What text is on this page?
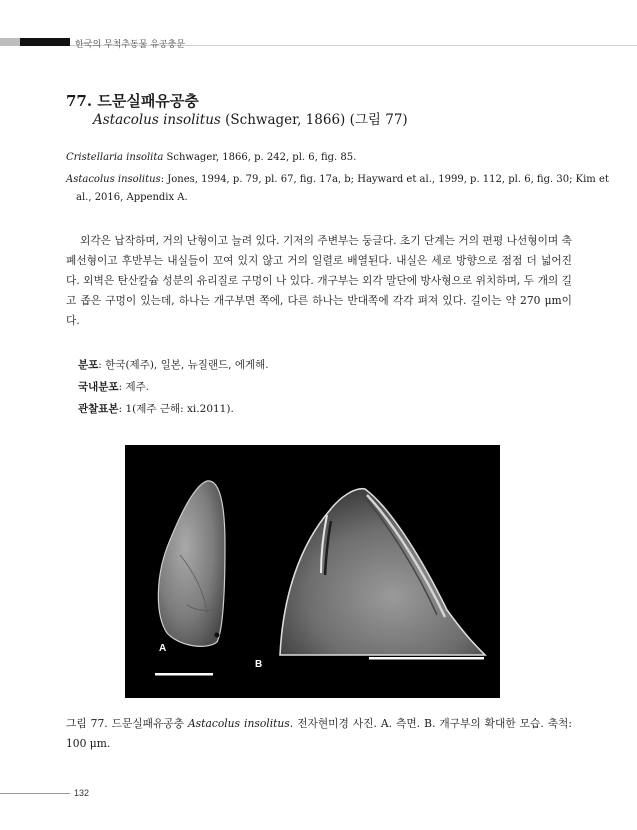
한국의 무척추동물 유공충문
77. 드문실패유공충
Astacolus insolitus (Schwager, 1866) (그림 77)
Cristellaria insolita Schwager, 1866, p. 242, pl. 6, fig. 85.
Astacolus insolitus: Jones, 1994, p. 79, pl. 67, fig. 17a, b; Hayward et al., 1999, p. 112, pl. 6, fig. 30; Kim et
al., 2016, Appendix A.

외각은 납작하며, 거의 난형이고 늘려 있다. 기저의 주변부는 둥글다. 초기 단계는 거의 편평 나선형이며 축폐선형이고 후반부는 내실들이 꼬여 있지 않고 거의 일렬로 배열된다. 내실은 세로 방향으로 점점 더 넓어진다. 외벽은 탄산칼슘 성분의 유리질로 구멍이 나 있다. 개구부는 외각 말단에 방사형으로 위치하며, 두 개의 길고 좁은 구멍이 있는데, 하나는 개구부면 쪽에, 다른 하나는 반대쪽에 각각 펴져 있다. 길이는 약 270 μm이다.

분포: 한국(제주), 일본, 뉴질랜드, 에게해.
국내분포: 제주.
관찰표본: 1(제주 근해: xi.2011).
A
B
그림 77. 드문실패유공충 Astacolus insolitus. 전자현미경 사진. A. 측면. B. 개구부의 확대한 모습. 축척: 100 μm.
132
